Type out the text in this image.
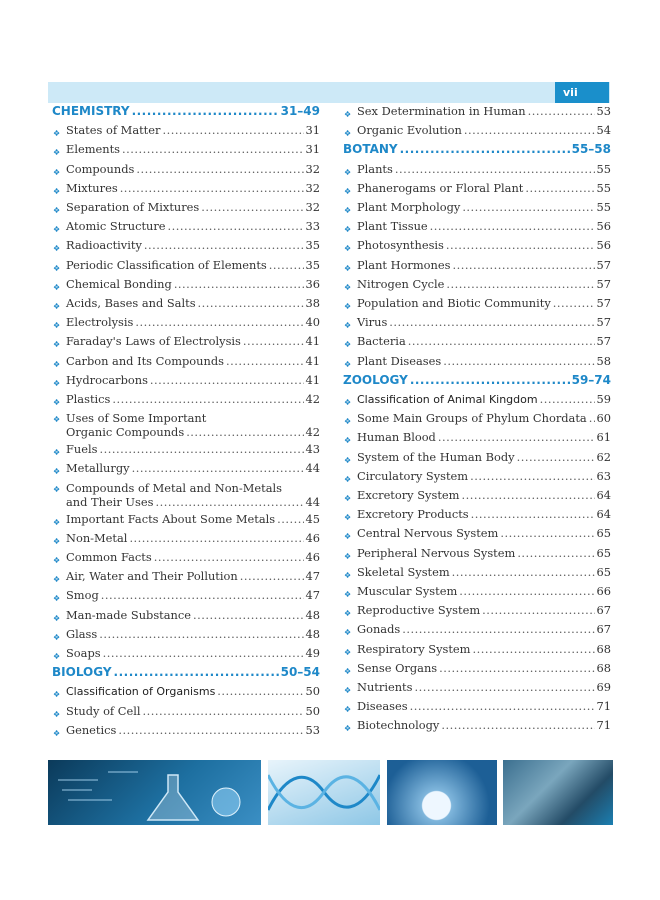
vii
CHEMISTRY .....	31–49
❖ States of Matter .....	31
❖ Elements .....	31
❖ Compounds .....	32
❖ Mixtures .....	32
❖ Separation of Mixtures .....	32
❖ Atomic Structure .....	33
❖ Radioactivity .....	35
❖ Periodic Classification of Elements .....	35
❖ Chemical Bonding .....	36
❖ Acids, Bases and Salts .....	38
❖ Electrolysis .....	40
❖ Faraday's Laws of Electrolysis .....	41
❖ Carbon and Its Compounds .....	41
❖ Hydrocarbons .....	41
❖ Plastics .....	42
❖ Uses of Some Important
Organic Compounds .....	42
❖ Fuels .....	43
❖ Metallurgy .....	44
❖ Compounds of Metal and Non-Metals
and Their Uses .....	44
❖ Important Facts About Some Metals .....	45
❖ Non-Metal .....	46
❖ Common Facts .....	46
❖ Air, Water and Their Pollution .....	47
❖ Smog .....	47
❖ Man-made Substance .....	48
❖ Glass .....	48
❖ Soaps .....	49
BIOLOGY .....	50–54
❖ Classification of Organisms .....	50
❖ Study of Cell .....	50
❖ Genetics .....	53
❖ Sex Determination in Human .....	53
❖ Organic Evolution .....	54
BOTANY .....	55–58
❖ Plants .....	55
❖ Phanerogams or Floral Plant .....	55
❖ Plant Morphology .....	55
❖ Plant Tissue .....	56
❖ Photosynthesis .....	56
❖ Plant Hormones .....	57
❖ Nitrogen Cycle .....	57
❖ Population and Biotic Community .....	57
❖ Virus .....	57
❖ Bacteria .....	57
❖ Plant Diseases .....	58
ZOOLOGY .....	59–74
❖ Classification of Animal Kingdom .....	59
❖ Some Main Groups of Phylum Chordata ..... 60
❖ Human Blood .....	61
❖ System of the Human Body .....	62
❖ Circulatory System .....	63
❖ Excretory System .....	64
❖ Excretory Products .....	64
❖ Central Nervous System .....	65
❖ Peripheral Nervous System .....	65
❖ Skeletal System .....	65
❖ Muscular System .....	66
❖ Reproductive System .....	67
❖ Gonads .....	67
❖ Respiratory System .....	68
❖ Sense Organs .....	68
❖ Nutrients .....	69
❖ Diseases .....	71
❖ Biotechnology .....	71
